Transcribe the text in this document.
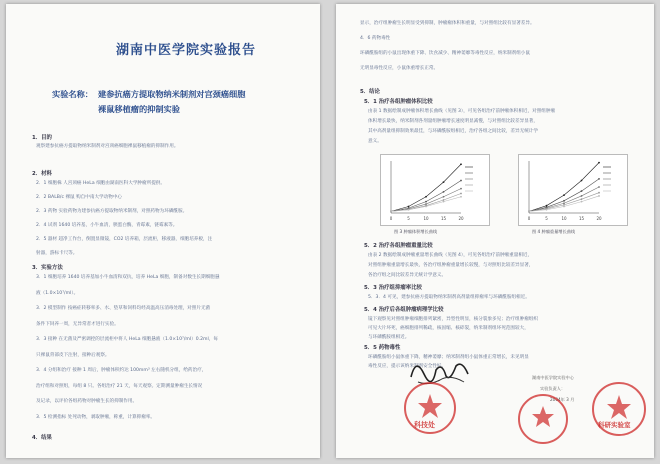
湖南中医学院实验报告
实验名称： 建参抗癌方提取物纳米制剂对宫颈癌细胞
裸鼠移植瘤的抑制实验
1．目的
观察建参抗癌方提取物纳米制剂对宫颈癌细胞裸鼠移植瘤的抑制作用。
2．材料
2．1 细胞株 人宫颈癌 HeLa 细胞由湖南医科大学肿瘤所提供。
2．2 BALB/c 裸鼠 购自中南大学动物中心
2．3 药物 实验药物为建参抗癌方提取物纳米制剂，对照药物为环磷酰胺。
2．4 试剂 1640 培养基，小牛血清，胰蛋白酶，青霉素，链霉素等。
2．5 器材 超净工作台，倒置显微镜，CO2 培养箱，层流柜，移液器，细胞培养板，注
射器，游标卡尺等。
3．实验方法
3．1 细胞培养 1640 培养基加小牛血清和双抗，培养 HeLa 细胞，制备对数生长期细胞悬
液（1.0×10⁷/ml）。
3．2 模型制作 按癌症转移率多、水、垫草和饲料均经高温高压消毒处理，对照片无菌
条件下饲养一周，无异常者才进行实验。
3．3 接种 在无菌及严密调控的层流柜中将人 HeLa 细胞悬液（1.0×10⁷/ml）0.2ml，每
只裸鼠背部皮下注射，接种后观察。
3．4 分组和治疗 接种 1 周后，肿瘤体积约达 100mm³ 左右随机分组，给药治疗，
治疗组和对照组，每组 8 只。各组治疗 21 天，每天观察。定期测量肿瘤生长情况
及记录，以评价各组药物对肿瘤生长的抑制作用。
3．5 检测指标 处死动物，剥取肿瘤，称重，计算抑瘤率。
4．结果
显示，治疗组肿瘤生长明显受到抑制，肿瘤瘤体积和重量，与对照组比较有显著差异。
4．6 药物毒性
环磷酰胺组的小鼠出现体重下降、饮食减少、精神萎靡等毒性反应，纳米制剂组小鼠
无明显毒性反应，小鼠体重增长正常。
5．结论
5．1 治疗各组肿瘤体积比较
由表 1 数据绘制成肿瘤体积增长曲线（见图 3），可见各组治疗前肿瘤体积相近，对照组肿瘤
体积增长最快，纳米制剂各剂量组肿瘤增长速度明显减慢，与对照组比较差异显著，
其中高剂量组抑制效果最佳，与环磷酰胺组相近，治疗各组之间比较，差异无统计学
意义。
0	5	10	15	20	0	5	10	15	20
图 3 肿瘤体积增长曲线	图 4 肿瘤重量增长曲线
5．2 治疗各组肿瘤重量比较
由表 2 数据绘制成肿瘤重量增长曲线（见图 4），可见各组治疗前肿瘤重量相近，
对照组肿瘤重量增长最快，各治疗组肿瘤重量增长较慢，与对照组比较差异显著，
各治疗组之间比较差异无统计学意义。
5．3 治疗组抑瘤率比较
5．3．4 可见，建参抗癌方提取物纳米制剂高剂量组抑瘤率与环磷酰胺组相近。
5．4 治疗后各组肿瘤病理学比较
镜下观察见对照组肿瘤细胞排列紧密，异型性明显，核分裂象多见；治疗组肿瘤组织
可见大片坏死，癌细胞排列稀疏，核固缩、核碎裂，纳米制剂组坏死范围较大，
与环磷酰胺组相近。
5．5 药物毒性
环磷酰胺组小鼠体重下降，精神萎靡；纳米制剂组小鼠体重正常增长，未见明显
毒性反应，提示该纳米制剂安全性好。
湖南中医学院实验中心
实验负责人：
2004年 3 月
科技处	科研实验室
